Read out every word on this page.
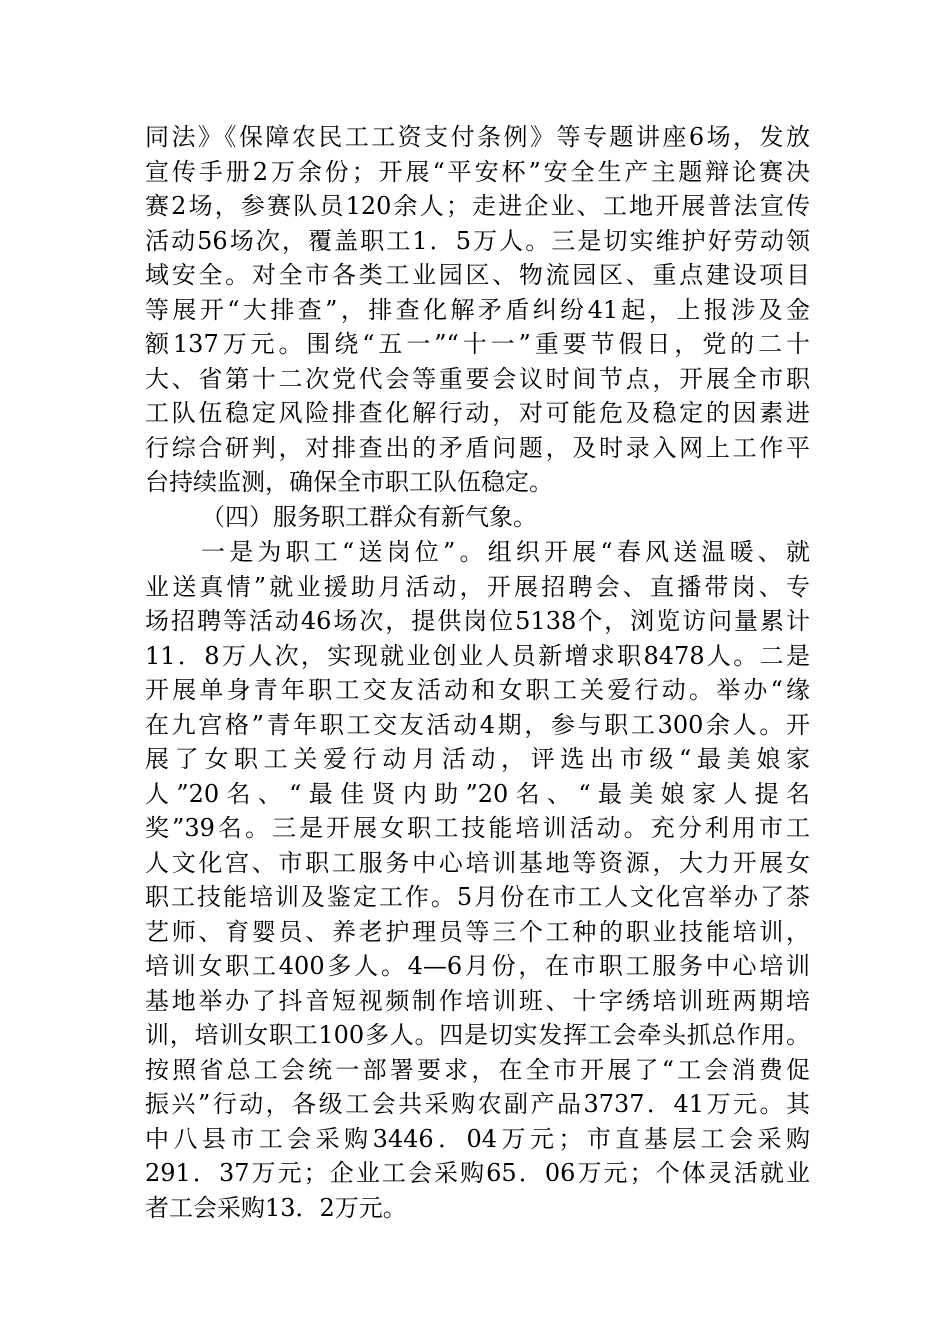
同法》《保障农民工工资支付条例》等专题讲座6场，发放
宣传手册2万余份；开展“平安杯”安全生产主题辩论赛决
赛2场，参赛队员120余人；走进企业、工地开展普法宣传
活动56场次，覆盖职工1．5万人。三是切实维护好劳动领
域安全。对全市各类工业园区、物流园区、重点建设项目
等展开“大排查”，排查化解矛盾纠纷41起，上报涉及金
额137万元。围绕“五一”“十一”重要节假日，党的二十
大、省第十二次党代会等重要会议时间节点，开展全市职
工队伍稳定风险排查化解行动，对可能危及稳定的因素进
行综合研判，对排查出的矛盾问题，及时录入网上工作平
台持续监测，确保全市职工队伍稳定。
（四）服务职工群众有新气象。
一是为职工“送岗位”。组织开展“春风送温暖、就
业送真情”就业援助月活动，开展招聘会、直播带岗、专
场招聘等活动46场次，提供岗位5138个，浏览访问量累计
11．8万人次，实现就业创业人员新增求职8478人。二是
开展单身青年职工交友活动和女职工关爱行动。举办“缘
在九宫格”青年职工交友活动4期，参与职工300余人。开
展了女职工关爱行动月活动，评选出市级“最美娘家
人”20名、“最佳贤内助”20名、“最美娘家人提名
奖”39名。三是开展女职工技能培训活动。充分利用市工
人文化宫、市职工服务中心培训基地等资源，大力开展女
职工技能培训及鉴定工作。5月份在市工人文化宫举办了茶
艺师、育婴员、养老护理员等三个工种的职业技能培训，
培训女职工400多人。4—6月份，在市职工服务中心培训
基地举办了抖音短视频制作培训班、十字绣培训班两期培
训，培训女职工100多人。四是切实发挥工会牵头抓总作用。
按照省总工会统一部署要求，在全市开展了“工会消费促
振兴”行动，各级工会共采购农副产品3737．41万元。其
中八县市工会采购3446．04万元；市直基层工会采购
291．37万元；企业工会采购65．06万元；个体灵活就业
者工会采购13．2万元。
